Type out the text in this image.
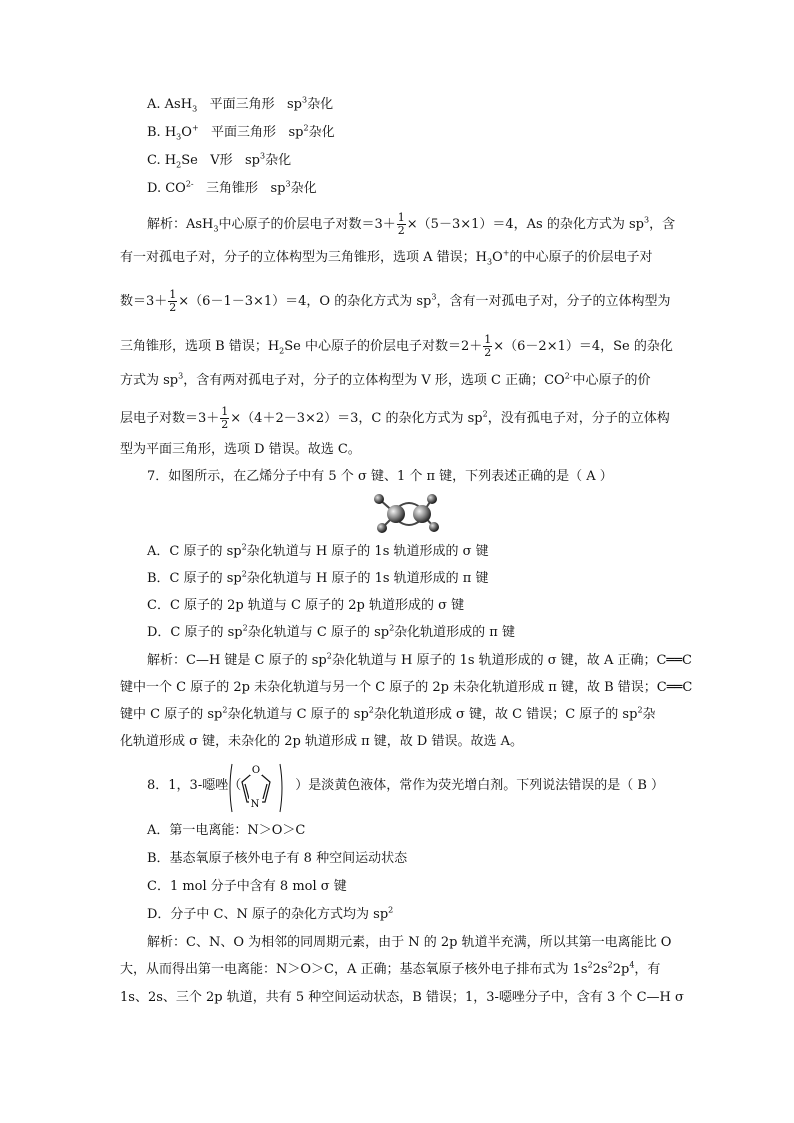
A. AsH$_3$ 平面三角形 $sp^3$杂化
B. $H_3O^+$ 平面三角形 $sp^2$杂化
C. $H_2Se$ V形 $sp^3$杂化
D. $CO^{2-}$ 三角锥形 $sp^3$杂化
解析：AsH$_3$中心原子的价层电子对数$=3+ \frac{1}{2} \times(5-3\times 1)=4$，As 的杂化方式为 $sp^3$，含
有一对孤电子对，分子的立体构型为三角锥形，选项 A 错误；$H_3O^+$的中心原子的价层电子对
数$=3+ \frac{1}{2} \times(6-1-3\times 1)=4$，O 的杂化方式为 $sp^3$，含有一对孤电子对，分子的立体构型为
三角锥形，选项 B 错误；$H_2Se$ 中心原子的价层电子对数$=2+ \frac{1}{2} \times(6-2\times 1)=4$，Se 的杂化
方式为 $sp^3$，含有两对孤电子对，分子的立体构型为 V 形，选项 C 正确；$CO^{2-}$中心原子的价
层电子对数$=3+ \frac{1}{2} \times(4+2-3\times 2)=3$，C 的杂化方式为 $sp^2$，没有孤电子对，分子的立体构
型为平面三角形，选项 D 错误。故选 C。
7．如图所示，在乙烯分子中有 5 个 σ 键、1 个 π 键，下列表述正确的是（ A ）
A．C 原子的 $sp^2$杂化轨道与 H 原子的 1s 轨道形成的 σ 键
B．C 原子的 $sp^2$杂化轨道与 H 原子的 1s 轨道形成的 π 键
C．C 原子的 2p 轨道与 C 原子的 2p 轨道形成的 σ 键
D．C 原子的 $sp^2$杂化轨道与 C 原子的 $sp^2$杂化轨道形成的 π 键
解析：C—H 键是 C 原子的 $sp^2$杂化轨道与 H 原子的 1s 轨道形成的 σ 键，故 A 正确；C══C
键中一个 C 原子的 2p 未杂化轨道与另一个 C 原子的 2p 未杂化轨道形成 π 键，故 B 错误；C══C
键中 C 原子的 $sp^2$杂化轨道与 C 原子的 $sp^2$杂化轨道形成 σ 键，故 C 错误；C 原子的 $sp^2$杂
化轨道形成 σ 键，未杂化的 2p 轨道形成 π 键，故 D 错误。故选 A。
8．1，3-噁唑（	）是淡黄色液体，常作为荧光增白剂。下列说法错误的是（ B ）
O
N
A．第一电离能：N＞O＞C
B．基态氧原子核外电子有 8 种空间运动状态
C．1 mol 分子中含有 8 mol σ 键
D．分子中 C、N 原子的杂化方式均为 $sp^2$
解析：C、N、O 为相邻的同周期元素，由于 N 的 2p 轨道半充满，所以其第一电离能比 O
大，从而得出第一电离能：N＞O＞C，A 正确；基态氧原子核外电子排布式为 $1s^22s^22p^4$，有
1s、2s、三个 2p 轨道，共有 5 种空间运动状态，B 错误；1，3-噁唑分子中，含有 3 个 C—H σ
